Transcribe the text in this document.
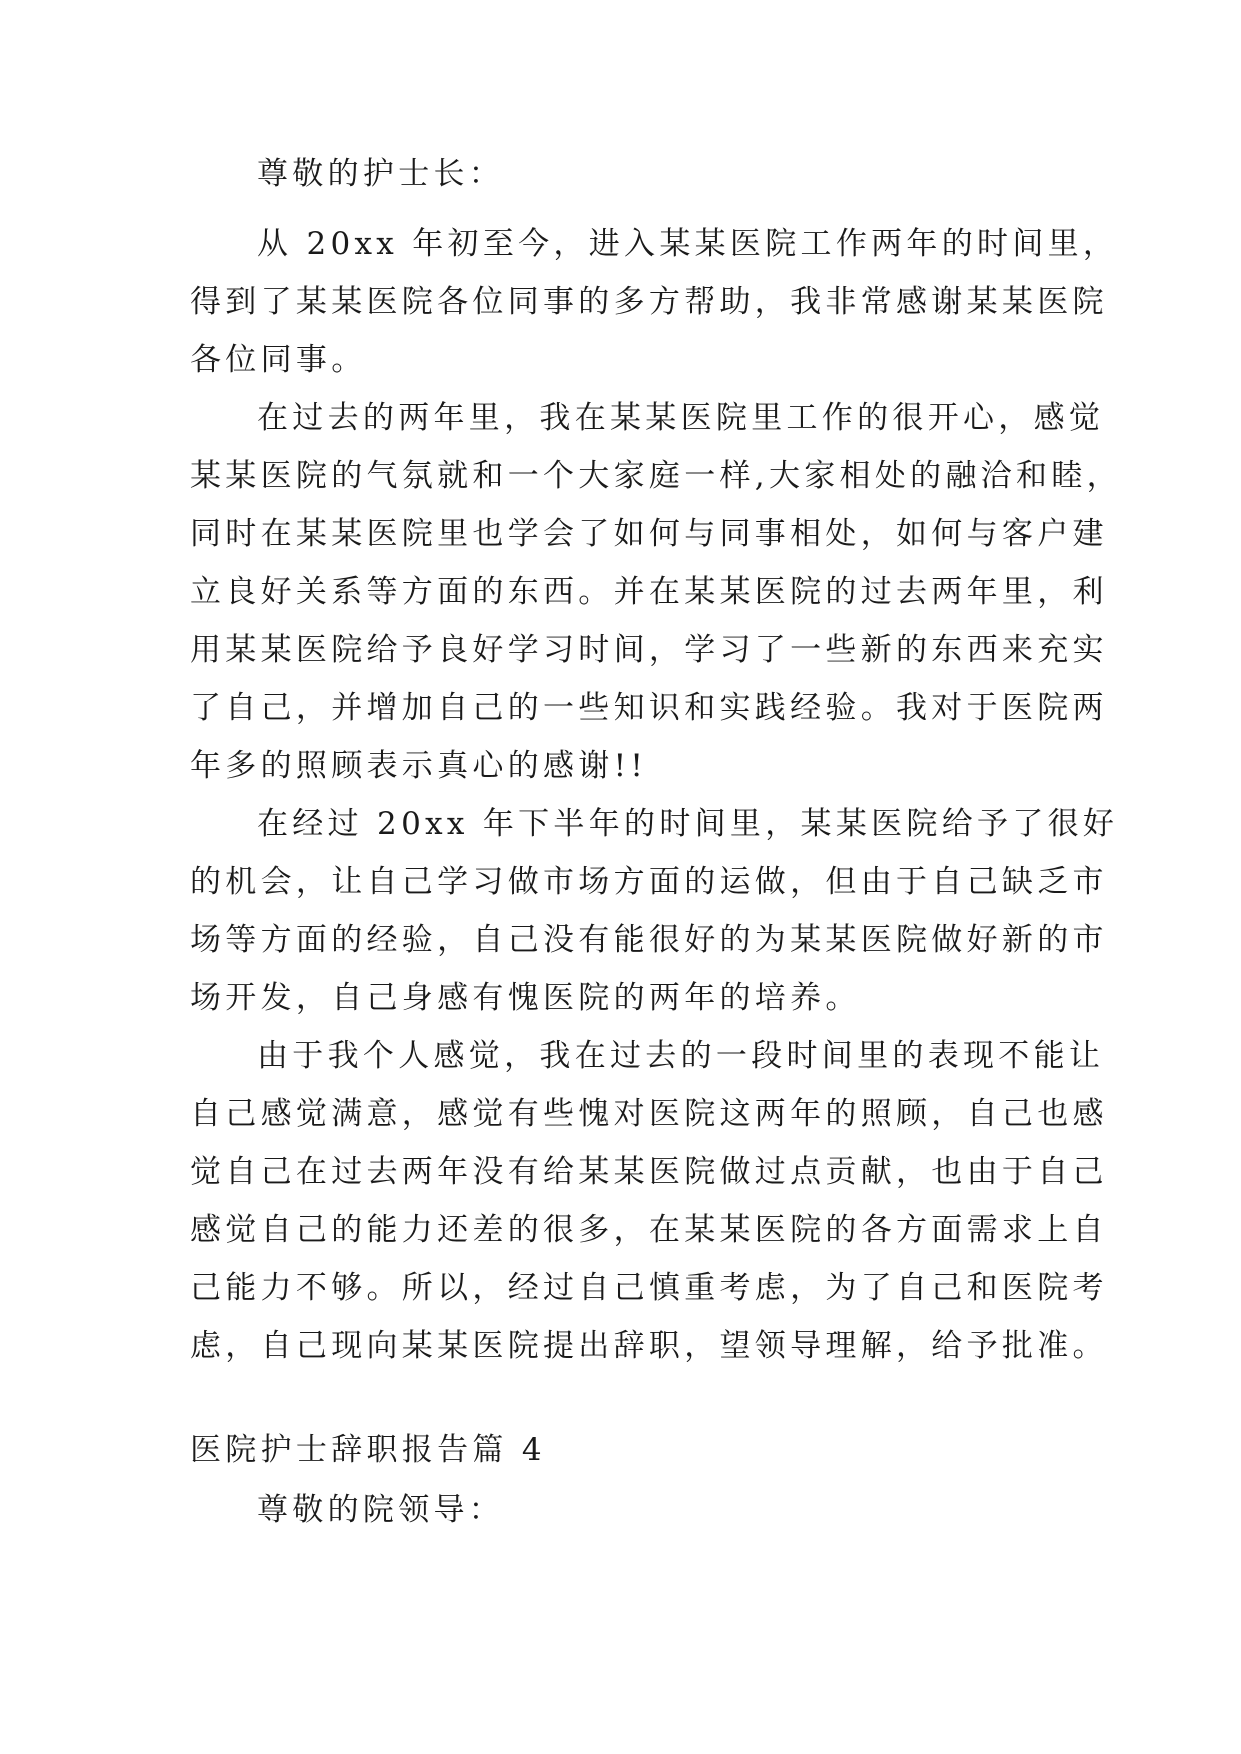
尊敬的护士长：

从 20xx 年初至今，进入某某医院工作两年的时间里，

得到了某某医院各位同事的多方帮助，我非常感谢某某医院

各位同事。

在过去的两年里，我在某某医院里工作的很开心，感觉

某某医院的气氛就和一个大家庭一样,大家相处的融洽和睦，

同时在某某医院里也学会了如何与同事相处，如何与客户建

立良好关系等方面的东西。并在某某医院的过去两年里，利

用某某医院给予良好学习时间，学习了一些新的东西来充实

了自己，并增加自己的一些知识和实践经验。我对于医院两

年多的照顾表示真心的感谢!!

在经过 20xx 年下半年的时间里，某某医院给予了很好

的机会，让自己学习做市场方面的运做，但由于自己缺乏市

场等方面的经验，自己没有能很好的为某某医院做好新的市

场开发，自己身感有愧医院的两年的培养。

由于我个人感觉，我在过去的一段时间里的表现不能让

自己感觉满意，感觉有些愧对医院这两年的照顾，自己也感

觉自己在过去两年没有给某某医院做过点贡献，也由于自己

感觉自己的能力还差的很多，在某某医院的各方面需求上自

己能力不够。所以，经过自己慎重考虑，为了自己和医院考

虑，自己现向某某医院提出辞职，望领导理解，给予批准。

医院护士辞职报告篇 4

尊敬的院领导：
